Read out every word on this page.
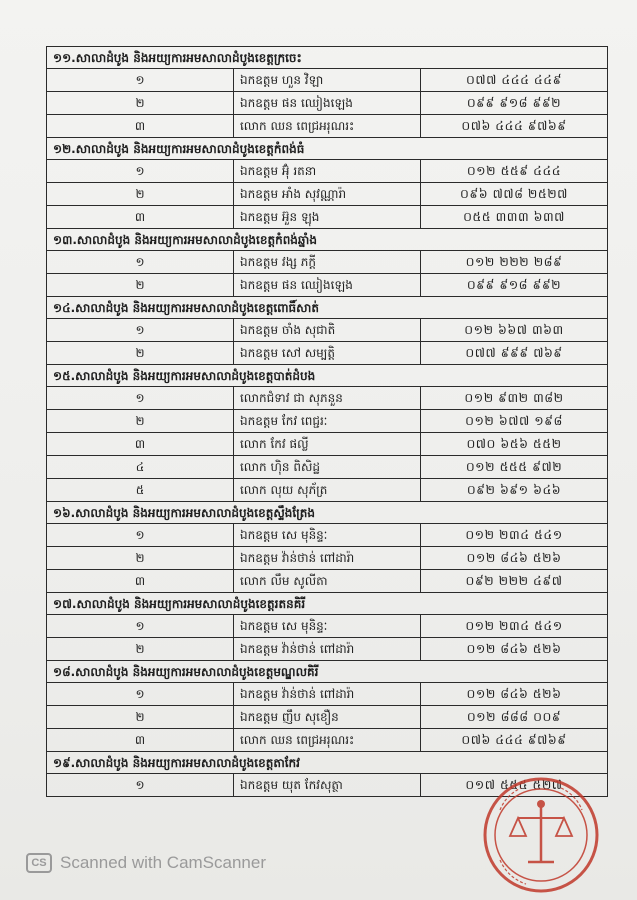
១១.សាលាដំបូង និងអយ្យការអមសាលាដំបូងខេត្តក្រចេះ		
១	ឯកឧត្តម ហួន វិឡា	០៧៧ ៤៤៤ ៤៤៩
២	ឯកឧត្តម ផន ឈៀងឡេង	០៩៩ ៩១៨ ៩៩២
៣	លោក ឈន ពេជ្រអរុណរះ	០៧៦ ៤៤៤ ៩៧៦៩
១២.សាលាដំបូង និងអយ្យការអមសាលាដំបូងខេត្តកំពង់ធំ		
១	ឯកឧត្តម អ៊ុំ រតនា	០១២ ៥៥៩ ៤៤៤
២	ឯកឧត្តម អាំង សុវណ្ណារ៉ា	០៩៦ ៧៧៨ ២៥២៧
៣	ឯកឧត្តម អ៊ួន ឡុង	០៥៥ ៣៣៣ ៦៣៧
១៣.សាលាដំបូង និងអយ្យការអមសាលាដំបូងខេត្តកំពង់ឆ្នាំង		
១	ឯកឧត្តម វង្ស ភក្តី	០១២ ២២២ ២៨៩
២	ឯកឧត្តម ផន ឈៀងឡេង	០៩៩ ៩១៨ ៩៩២
១៤.សាលាដំបូង និងអយ្យការអមសាលាដំបូងខេត្តពោធិ៍សាត់		
១	ឯកឧត្តម ចាំង សុជាតិ	០១២ ៦៦៧ ៣៦៣
២	ឯកឧត្តម សៅ សម្បត្តិ	០៧៧ ៩៩៩ ៧៦៩
១៥.សាលាដំបូង និងអយ្យការអមសាលាដំបូងខេត្តបាត់ដំបង		
១	លោកជំទាវ ជា សុភនួន	០១២ ៩៣២ ៣៨២
២	ឯកឧត្តម កែវ ពេជ្ជរៈ	០១២ ៦៧៧ ១៩៨
៣	លោក កែវ ផល្លី	០៧០ ៦៥៦ ៥៥២
៤	លោក ហ៊ិន ពិសិដ្ឋ	០១២ ៥៥៥ ៩៧២
៥	លោក លុយ សុភ័ត្រ	០៩២ ៦៩១ ៦៤៦
១៦.សាលាដំបូង និងអយ្យការអមសាលាដំបូងខេត្តស្ទឹងត្រែង		
១	ឯកឧត្តម សេ មុនិន្ទៈ	០១២ ២៣៤ ៥៤១
២	ឯកឧត្តម វ៉ាន់ថាន់ ពៅដារ៉ា	០១២ ៨៤៦ ៥២៦
៣	លោក លឹម សូលីតា	០៩២ ២២២ ៤៩៧
១៧.សាលាដំបូង និងអយ្យការអមសាលាដំបូងខេត្តរតនគិរី		
១	ឯកឧត្តម សេ មុនិន្ទៈ	០១២ ២៣៤ ៥៤១
២	ឯកឧត្តម វ៉ាន់ថាន់ ពៅដារ៉ា	០១២ ៨៤៦ ៥២៦
១៨.សាលាដំបូង និងអយ្យការអមសាលាដំបូងខេត្តមណ្ឌលគិរី		
១	ឯកឧត្តម វ៉ាន់ថាន់ ពៅដារ៉ា	០១២ ៨៤៦ ៥២៦
២	ឯកឧត្តម ញឹប សុខឿន	០១២ ៨៨៨ ០០៩
៣	លោក ឈន ពេជ្រអរុណរះ	០៧៦ ៤៤៤ ៩៧៦៩
១៩.សាលាដំបូង និងអយ្យការអមសាលាដំបូងខេត្តតាកែវ		
១	ឯកឧត្តម យុត កែវសុត្ថា	០១៧ ៥៥៥ ៥២៧
CS Scanned with CamScanner
